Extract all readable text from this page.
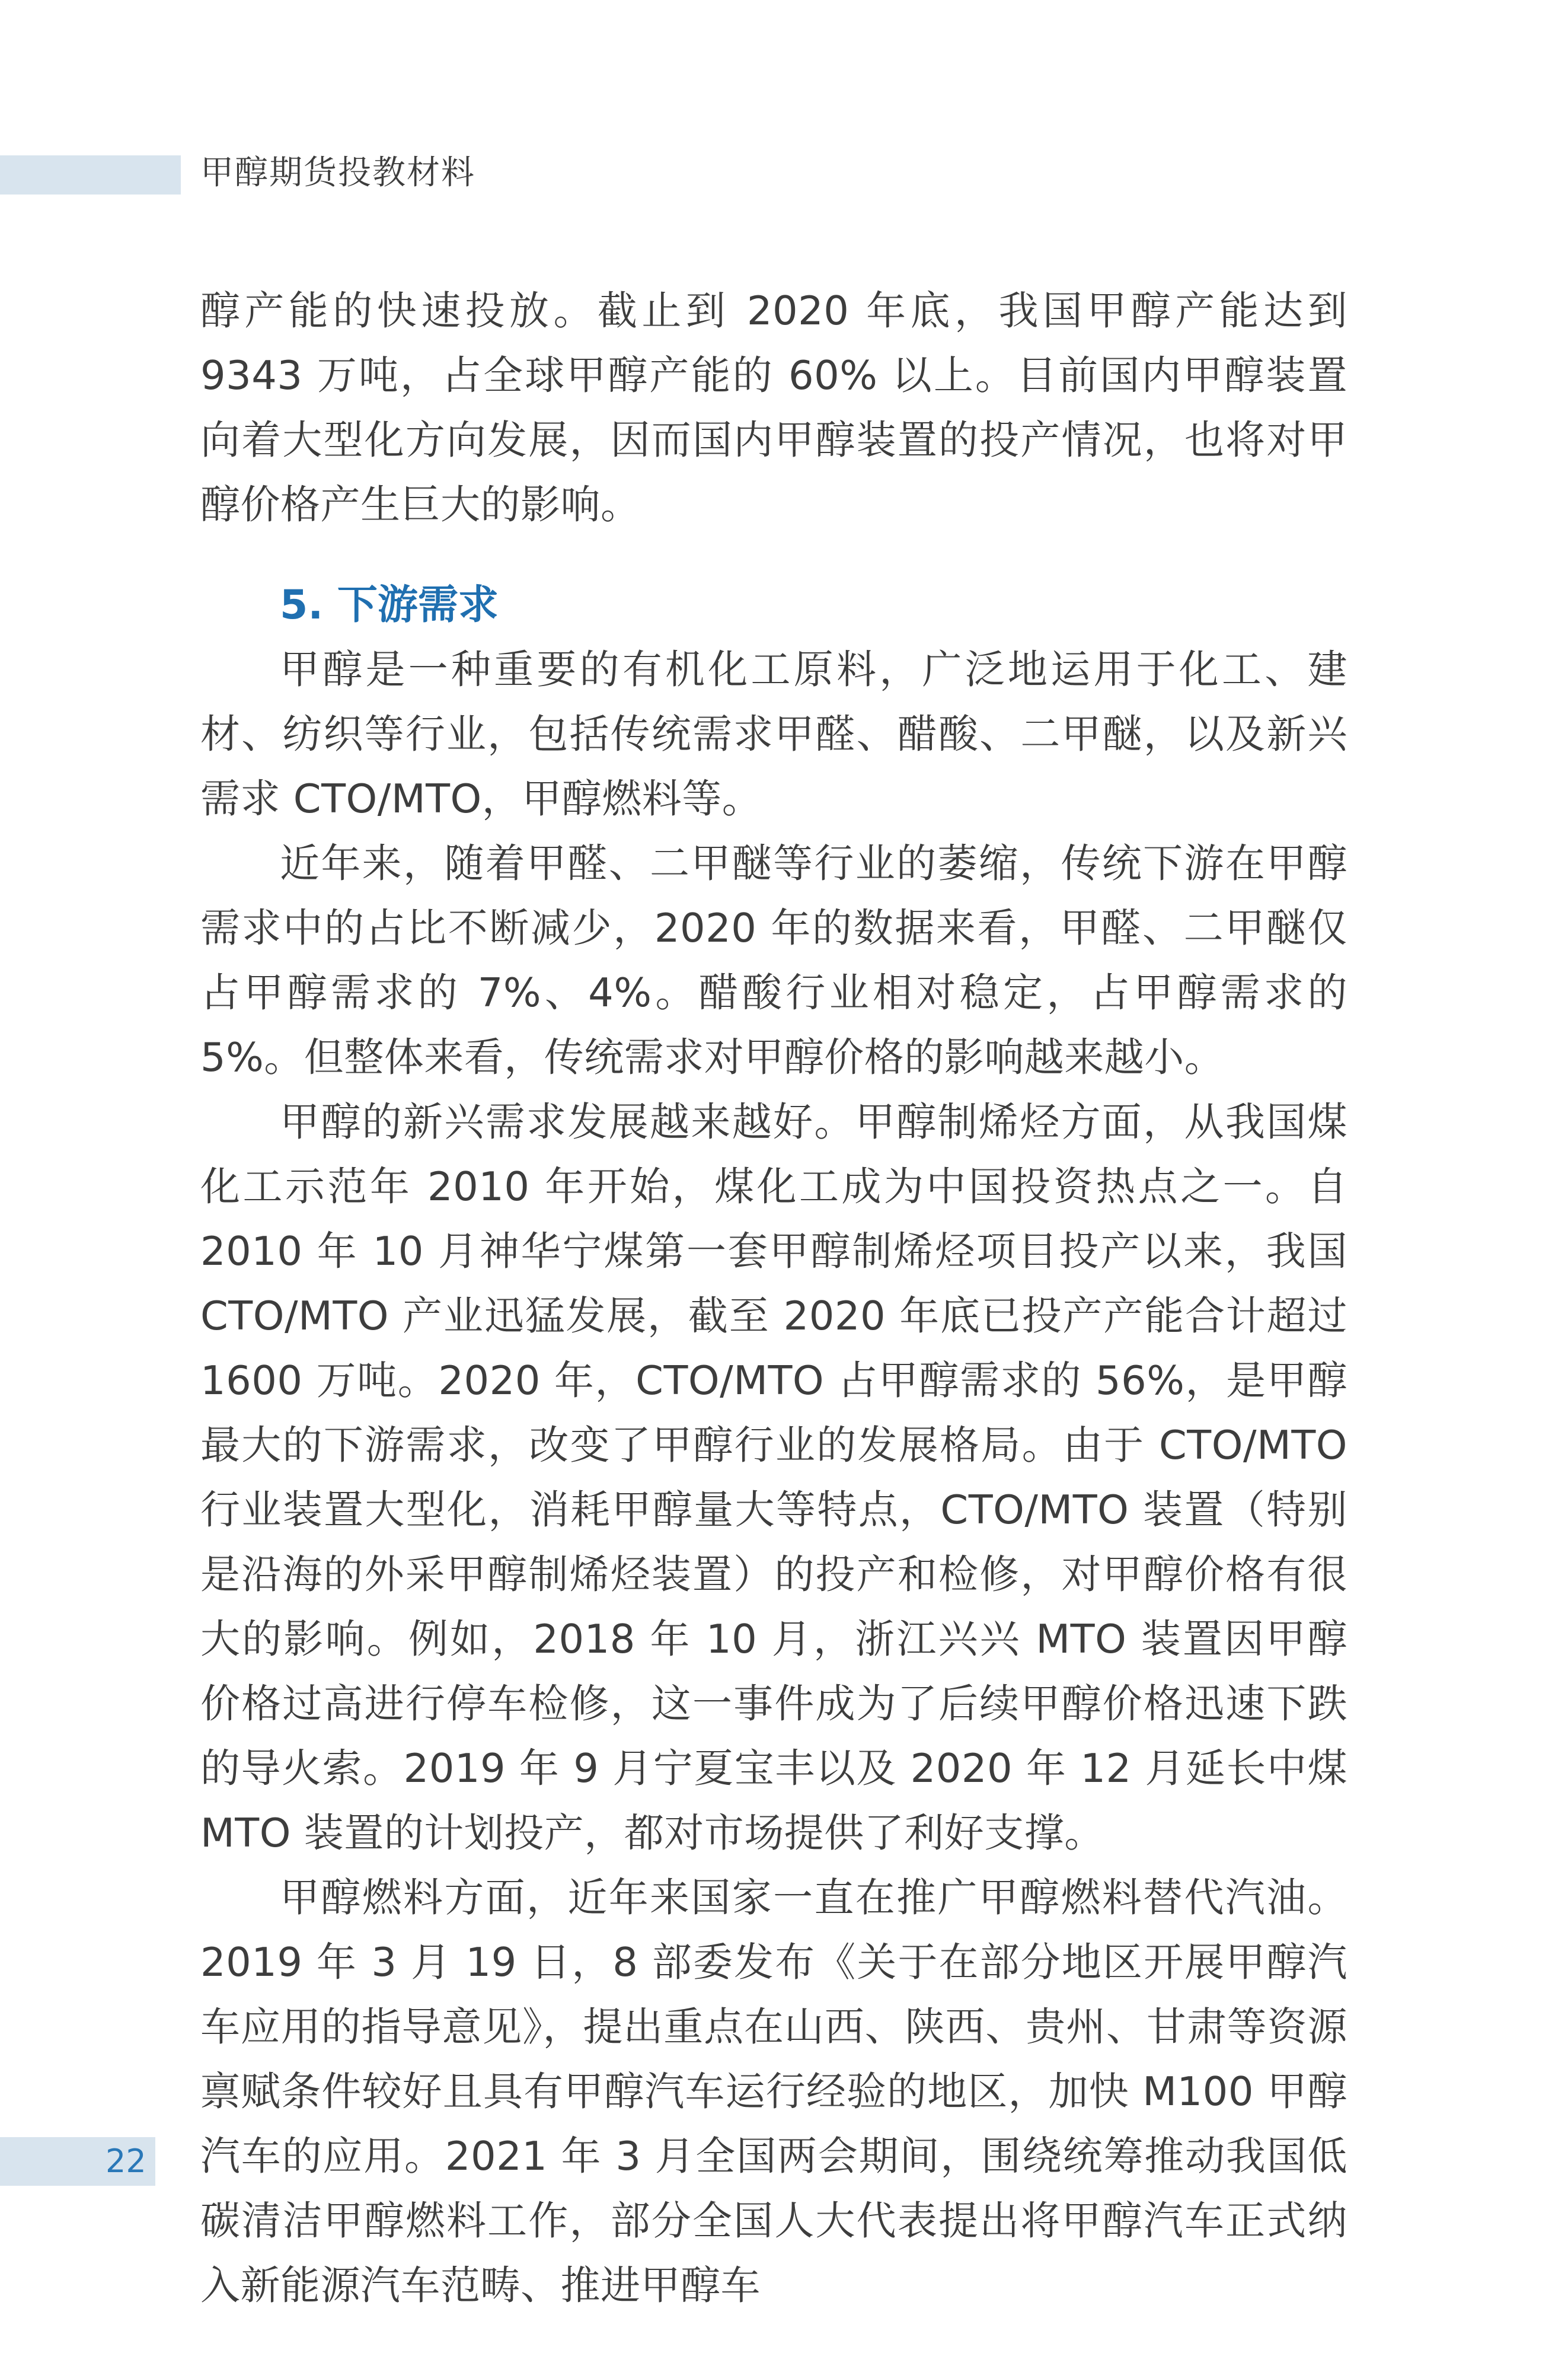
甲醇期货投教材料

醇产能的快速投放。截止到 2020 年底，我国甲醇产能达到 9343 万吨，占全球甲醇产能的 60% 以上。目前国内甲醇装置向着大型化方向发展，因而国内甲醇装置的投产情况，也将对甲醇价格产生巨大的影响。

5. 下游需求

甲醇是一种重要的有机化工原料，广泛地运用于化工、建材、纺织等行业，包括传统需求甲醛、醋酸、二甲醚，以及新兴需求 CTO/MTO，甲醇燃料等。

近年来，随着甲醛、二甲醚等行业的萎缩，传统下游在甲醇需求中的占比不断减少，2020 年的数据来看，甲醛、二甲醚仅占甲醇需求的 7%、4%。醋酸行业相对稳定，占甲醇需求的 5%。但整体来看，传统需求对甲醇价格的影响越来越小。

甲醇的新兴需求发展越来越好。甲醇制烯烃方面，从我国煤化工示范年 2010 年开始，煤化工成为中国投资热点之一。自 2010 年 10 月神华宁煤第一套甲醇制烯烃项目投产以来，我国 CTO/MTO 产业迅猛发展，截至 2020 年底已投产产能合计超过 1600 万吨。2020 年，CTO/MTO 占甲醇需求的 56%，是甲醇最大的下游需求，改变了甲醇行业的发展格局。由于 CTO/MTO 行业装置大型化，消耗甲醇量大等特点，CTO/MTO 装置（特别是沿海的外采甲醇制烯烃装置）的投产和检修，对甲醇价格有很大的影响。例如，2018 年 10 月，浙江兴兴 MTO 装置因甲醇价格过高进行停车检修，这一事件成为了后续甲醇价格迅速下跌的导火索。2019 年 9 月宁夏宝丰以及 2020 年 12 月延长中煤 MTO 装置的计划投产，都对市场提供了利好支撑。

甲醇燃料方面，近年来国家一直在推广甲醇燃料替代汽油。2019 年 3 月 19 日，8 部委发布《关于在部分地区开展甲醇汽车应用的指导意见》，提出重点在山西、陕西、贵州、甘肃等资源禀赋条件较好且具有甲醇汽车运行经验的地区，加快 M100 甲醇汽车的应用。2021 年 3 月全国两会期间，围绕统筹推动我国低碳清洁甲醇燃料工作，部分全国人大代表提出将甲醇汽车正式纳入新能源汽车范畴、推进甲醇车

22
